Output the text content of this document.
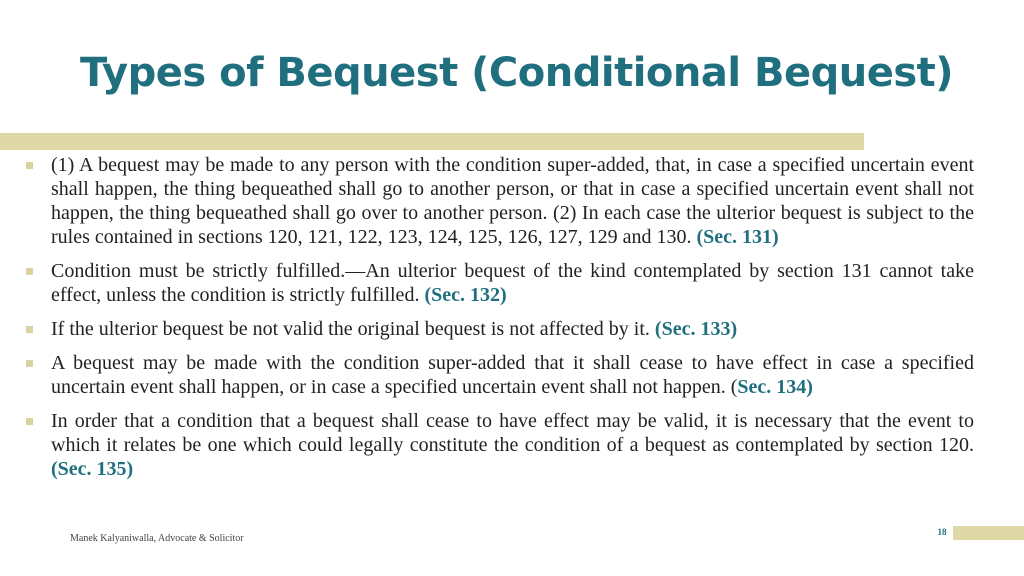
Types of Bequest (Conditional Bequest)
(1) A bequest may be made to any person with the condition super-added, that, in case a specified uncertain event shall happen, the thing bequeathed shall go to another person, or that in case a specified uncertain event shall not happen, the thing bequeathed shall go over to another person. (2) In each case the ulterior bequest is subject to the rules contained in sections 120, 121, 122, 123, 124, 125, 126, 127, 129 and 130. (Sec. 131)
Condition must be strictly fulfilled.—An ulterior bequest of the kind contemplated by section 131 cannot take effect, unless the condition is strictly fulfilled. (Sec. 132)
If the ulterior bequest be not valid the original bequest is not affected by it. (Sec. 133)
A bequest may be made with the condition super-added that it shall cease to have effect in case a specified uncertain event shall happen, or in case a specified uncertain event shall not happen. (Sec. 134)
In order that a condition that a bequest shall cease to have effect may be valid, it is necessary that the event to which it relates be one which could legally constitute the condition of a bequest as contemplated by section 120. (Sec. 135)
Manek Kalyaniwalla, Advocate & Solicitor
18
